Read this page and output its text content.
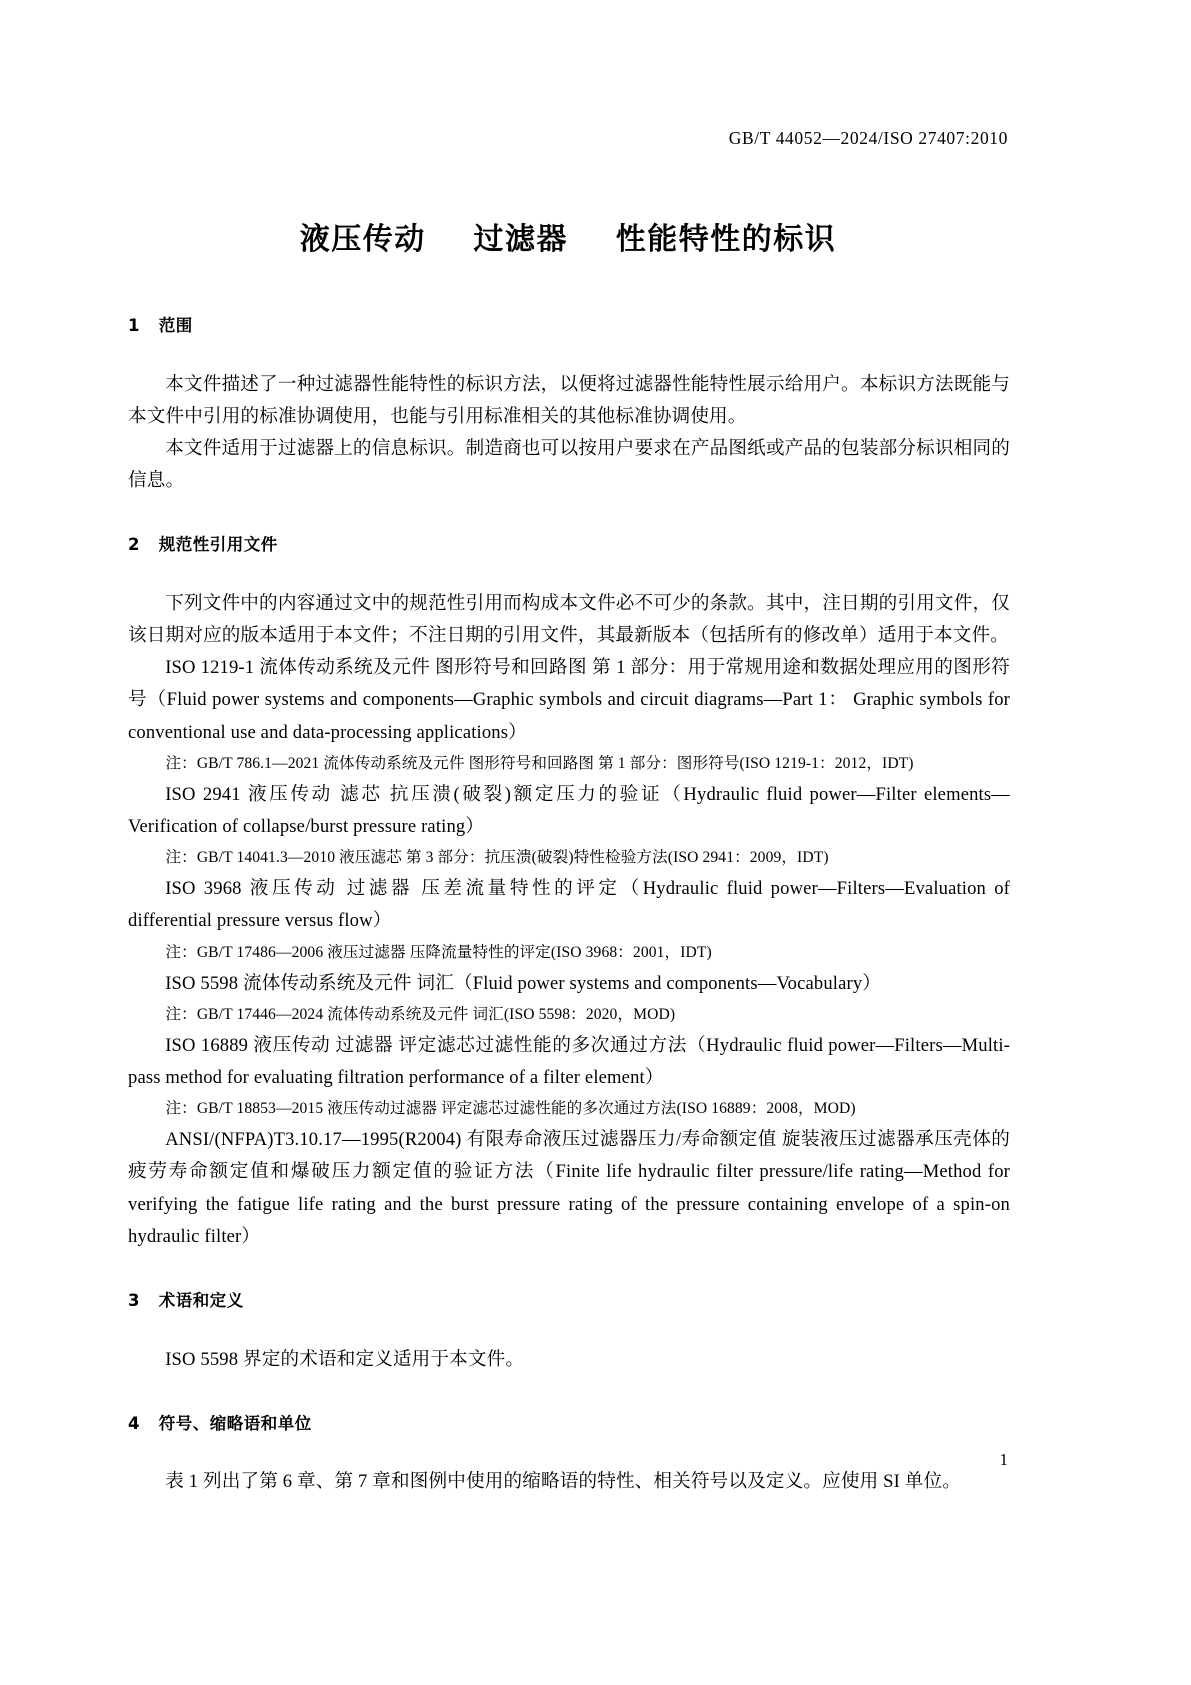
GB/T 44052—2024/ISO 27407:2010
液压传动    过滤器    性能特性的标识
1   范围

本文件描述了一种过滤器性能特性的标识方法，以便将过滤器性能特性展示给用户。本标识方法既能与本文件中引用的标准协调使用，也能与引用标准相关的其他标准协调使用。

本文件适用于过滤器上的信息标识。制造商也可以按用户要求在产品图纸或产品的包装部分标识相同的信息。

2   规范性引用文件

下列文件中的内容通过文中的规范性引用而构成本文件必不可少的条款。其中，注日期的引用文件，仅该日期对应的版本适用于本文件；不注日期的引用文件，其最新版本（包括所有的修改单）适用于本文件。

ISO 1219-1 流体传动系统及元件 图形符号和回路图 第 1 部分：用于常规用途和数据处理应用的图形符号（Fluid power systems and components—Graphic symbols and circuit diagrams—Part 1： Graphic symbols for conventional use and data-processing applications）

注：GB/T 786.1—2021 流体传动系统及元件 图形符号和回路图 第 1 部分：图形符号(ISO 1219-1：2012，IDT)

ISO 2941 液压传动 滤芯 抗压溃(破裂)额定压力的验证（Hydraulic fluid power—Filter elements—Verification of collapse/burst pressure rating）

注：GB/T 14041.3—2010 液压滤芯 第 3 部分：抗压溃(破裂)特性检验方法(ISO 2941：2009，IDT)

ISO 3968 液压传动 过滤器 压差流量特性的评定（Hydraulic fluid power—Filters—Evaluation of differential pressure versus flow）

注：GB/T 17486—2006 液压过滤器 压降流量特性的评定(ISO 3968：2001，IDT)

ISO 5598 流体传动系统及元件 词汇（Fluid power systems and components—Vocabulary）

注：GB/T 17446—2024 流体传动系统及元件 词汇(ISO 5598：2020，MOD)

ISO 16889 液压传动 过滤器 评定滤芯过滤性能的多次通过方法（Hydraulic fluid power—Filters—Multi-pass method for evaluating filtration performance of a filter element）

注：GB/T 18853—2015 液压传动过滤器 评定滤芯过滤性能的多次通过方法(ISO 16889：2008，MOD)

ANSI/(NFPA)T3.10.17—1995(R2004) 有限寿命液压过滤器压力/寿命额定值 旋装液压过滤器承压壳体的疲劳寿命额定值和爆破压力额定值的验证方法（Finite life hydraulic filter pressure/life rating—Method for verifying the fatigue life rating and the burst pressure rating of the pressure containing envelope of a spin-on hydraulic filter）

3   术语和定义

ISO 5598 界定的术语和定义适用于本文件。

4   符号、缩略语和单位

表 1 列出了第 6 章、第 7 章和图例中使用的缩略语的特性、相关符号以及定义。应使用 SI 单位。

1
